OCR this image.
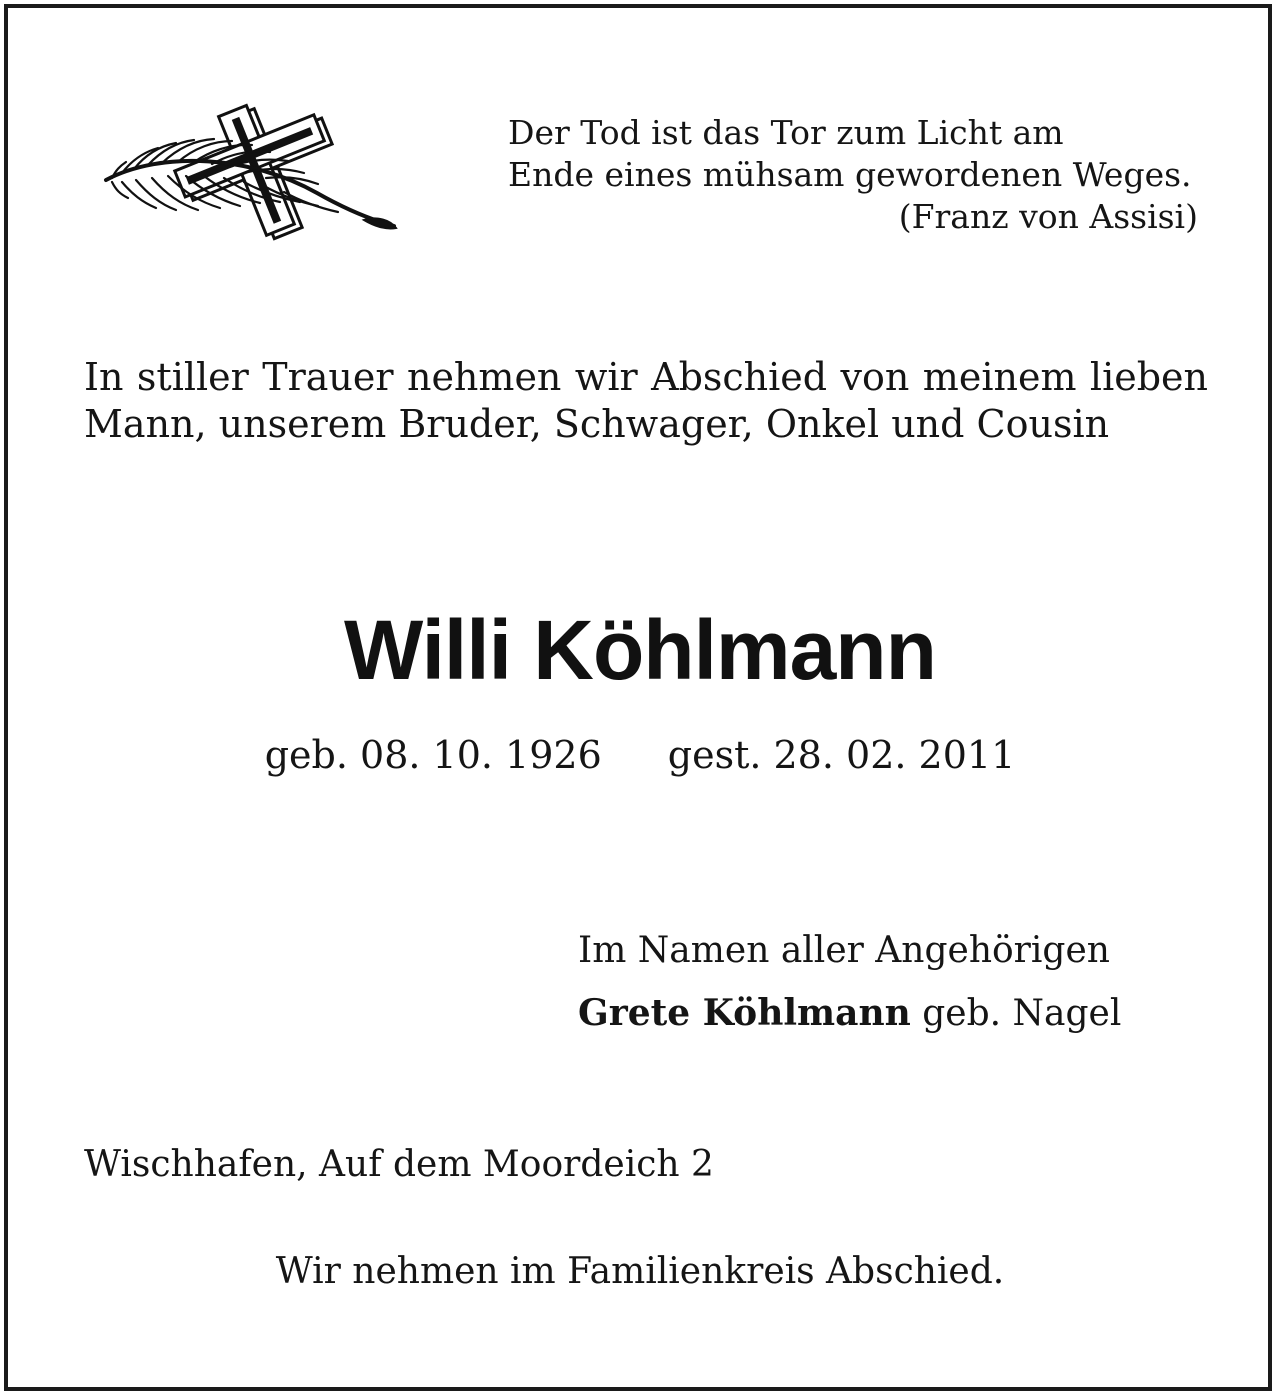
Der Tod ist das Tor zum Licht am
Ende eines mühsam gewordenen Weges.
(Franz von Assisi)
In stiller Trauer nehmen wir Abschied von meinem lieben Mann, unserem Bruder, Schwager, Onkel und Cousin
Willi Köhlmann
geb. 08. 10. 1926 gest. 28. 02. 2011
Im Namen aller Angehörigen
Grete Köhlmann geb. Nagel
Wischhafen, Auf dem Moordeich 2
Wir nehmen im Familienkreis Abschied.
